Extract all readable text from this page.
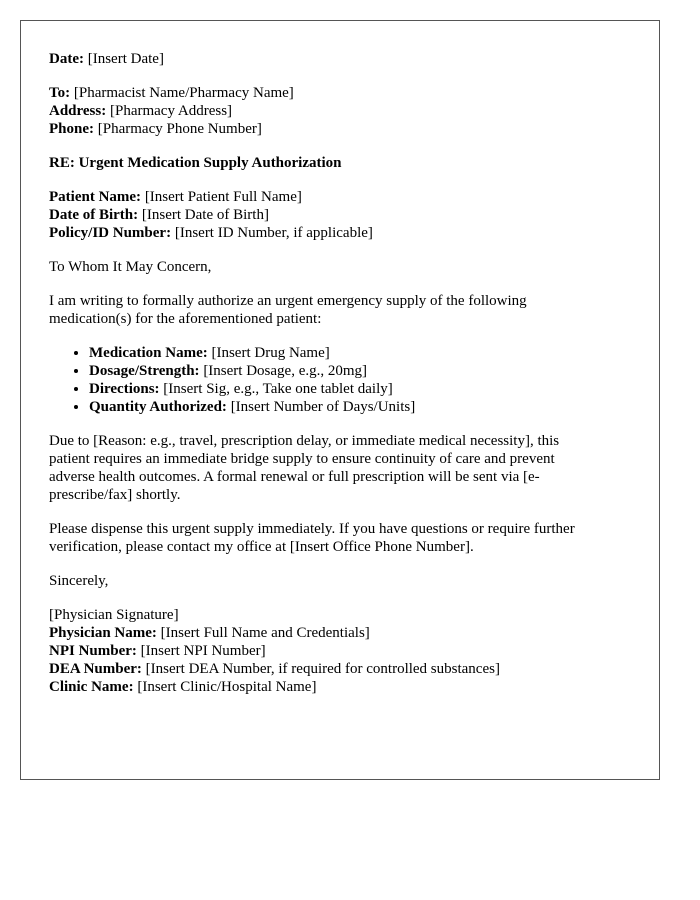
Date: [Insert Date]
To: [Pharmacist Name/Pharmacy Name]
Address: [Pharmacy Address]
Phone: [Pharmacy Phone Number]
RE: Urgent Medication Supply Authorization
Patient Name: [Insert Patient Full Name]
Date of Birth: [Insert Date of Birth]
Policy/ID Number: [Insert ID Number, if applicable]
To Whom It May Concern,
I am writing to formally authorize an urgent emergency supply of the following
medication(s) for the aforementioned patient:
• Medication Name: [Insert Drug Name]
• Dosage/Strength: [Insert Dosage, e.g., 20mg]
• Directions: [Insert Sig, e.g., Take one tablet daily]
• Quantity Authorized: [Insert Number of Days/Units]
Due to [Reason: e.g., travel, prescription delay, or immediate medical necessity], this
patient requires an immediate bridge supply to ensure continuity of care and prevent
adverse health outcomes. A formal renewal or full prescription will be sent via [e-
prescribe/fax] shortly.
Please dispense this urgent supply immediately. If you have questions or require further
verification, please contact my office at [Insert Office Phone Number].
Sincerely,
[Physician Signature]
Physician Name: [Insert Full Name and Credentials]
NPI Number: [Insert NPI Number]
DEA Number: [Insert DEA Number, if required for controlled substances]
Clinic Name: [Insert Clinic/Hospital Name]
